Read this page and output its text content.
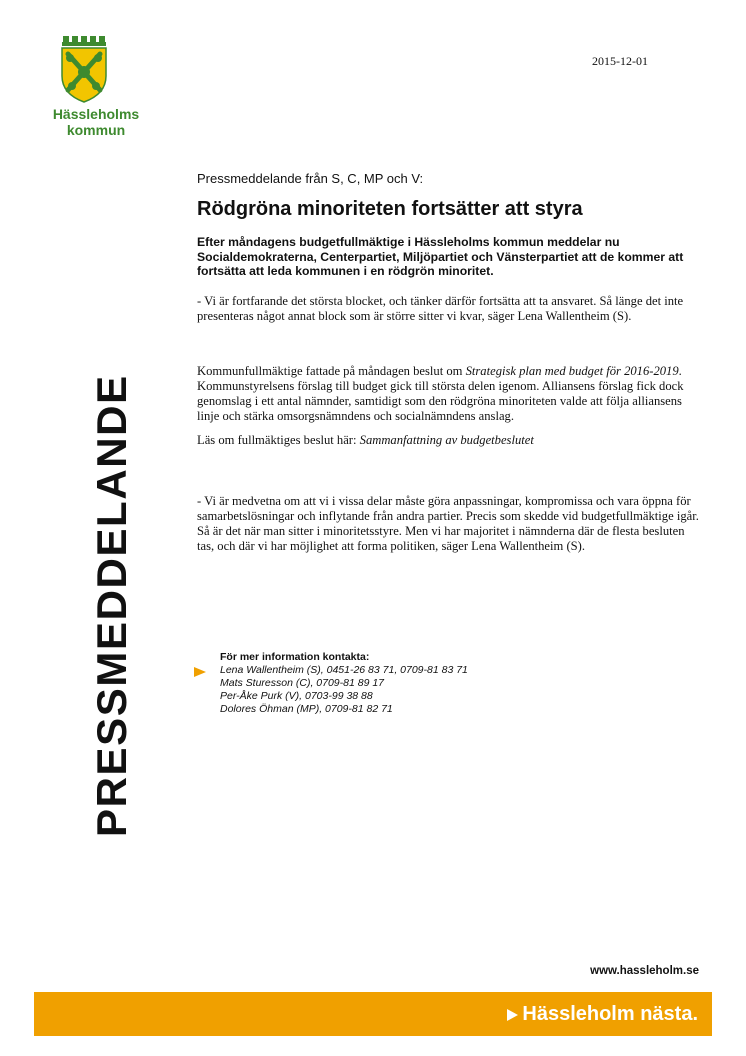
Hässleholms
kommun
2015-12-01
PRESSMEDDELANDE
Pressmeddelande från S, C, MP och V:
Rödgröna minoriteten fortsätter att styra

Efter måndagens budgetfullmäktige i Hässleholms kommun meddelar nu Socialdemokraterna, Centerpartiet, Miljöpartiet och Vänsterpartiet att de kommer att fortsätta att leda kommunen i en rödgrön minoritet.

- Vi är fortfarande det största blocket, och tänker därför fortsätta att ta ansvaret. Så länge det inte presenteras något annat block som är större sitter vi kvar, säger Lena Wallentheim (S).

Kommunfullmäktige fattade på måndagen beslut om Strategisk plan med budget för 2016-2019. Kommunstyrelsens förslag till budget gick till största delen igenom. Alliansens förslag fick dock genomslag i ett antal nämnder, samtidigt som den rödgröna minoriteten valde att följa alliansens linje och stärka omsorgsnämndens och socialnämndens anslag.

Läs om fullmäktiges beslut här: Sammanfattning av budgetbeslutet

- Vi är medvetna om att vi i vissa delar måste göra anpassningar, kompromissa och vara öppna för samarbetslösningar och inflytande från andra partier. Precis som skedde vid budgetfullmäktige igår. Så är det när man sitter i minoritetsstyre. Men vi har majoritet i nämnderna där de flesta besluten tas, och där vi har möjlighet att forma politiken, säger Lena Wallentheim (S).

För mer information kontakta:
Lena Wallentheim (S), 0451-26 83 71, 0709-81 83 71
Mats Sturesson (C), 0709-81 89 17
Per-Åke Purk (V), 0703-99 38 88
Dolores Öhman (MP), 0709-81 82 71
www.hassleholm.se
Hässleholm nästa.
